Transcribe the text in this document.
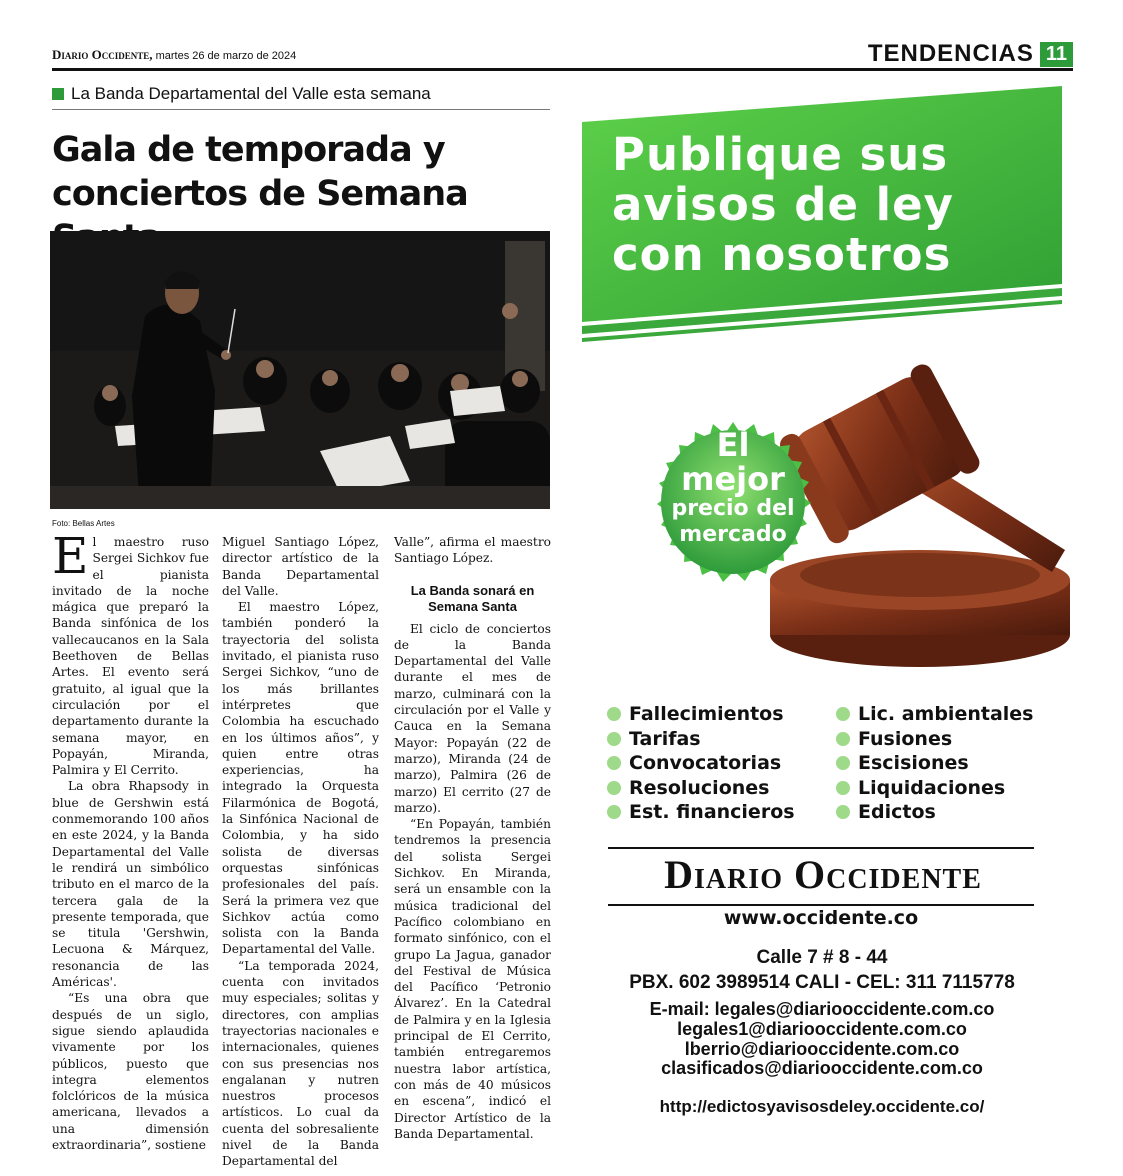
Diario Occidente, martes 26 de marzo de 2024	TENDENCIAS 11
La Banda Departamental del Valle esta semana
Gala de temporada y
conciertos de Semana
Foto: Bellas Artes
E l maestro ruso Sergei Sichkov fue el pianista invitado de la noche mágica que preparó la Banda sinfónica de los vallecaucanos en la Sala Beethoven de Bellas Artes. El evento será gratuito, al igual que la circulación por el departamento durante la semana mayor, en Popayán, Miranda, Palmira y El Cerrito.

La obra Rhapsody in blue de Gershwin está conmemorando 100 años en este 2024, y la Banda Departamental del Valle le rendirá un simbólico tributo en el marco de la tercera gala de la presente temporada, que se titula 'Gershwin, Lecuona & Márquez, resonancia de las Américas'.

“Es una obra que después de un siglo, sigue siendo aplaudida vivamente por los públicos, puesto que integra elementos folclóricos de la música americana, llevados a una dimensión extraordinaria”, sostiene

Miguel Santiago López, director artístico de la Banda Departamental del Valle.

El maestro López, también ponderó la trayectoria del solista invitado, el pianista ruso Sergei Sichkov, “uno de los más brillantes intérpretes que Colombia ha escuchado en los últimos años”, y quien entre otras experiencias, ha integrado la Orquesta Filarmónica de Bogotá, la Sinfónica Nacional de Colombia, y ha sido solista de diversas orquestas sinfónicas profesionales del país. Será la primera vez que Sichkov actúa como solista con la Banda Departamental del Valle.

“La temporada 2024, cuenta con invitados muy especiales; solitas y directores, con amplias trayectorias nacionales e internacionales, quienes con sus presencias nos engalanan y nutren nuestros procesos artísticos. Lo cual da cuenta del sobresaliente nivel de la Banda Departamental del

Valle”, afirma el maestro Santiago López.

La Banda sonará en Semana Santa

El ciclo de conciertos de la Banda Departamental del Valle durante el mes de marzo, culminará con la circulación por el Valle y Cauca en la Semana Mayor: Popayán (22 de marzo), Miranda (24 de marzo), Palmira (26 de marzo) El cerrito (27 de marzo).

“En Popayán, también tendremos la presencia del solista Sergei Sichkov. En Miranda, será un ensamble con la música tradicional del Pacífico colombiano en formato sinfónico, con el grupo La Jagua, ganador del Festival de Música del Pacífico ‘Petronio Álvarez’. En la Catedral de Palmira y en la Iglesia principal de El Cerrito, también entregaremos nuestra labor artística, con más de 40 músicos en escena”, indicó el Director Artístico de la Banda Departamental.

Publique sus
avisos de ley
con nosotros
El
mejor
precio del
mercado
Fallecimientos
Tarifas
Convocatorias
Resoluciones
Est. financieros
Lic. ambientales
Fusiones
Escisiones
Liquidaciones
Edictos
Diario Occidente
www.occidente.co
Calle 7 # 8 - 44
PBX. 602 3989514 CALI - CEL: 311 7115778
E-mail: legales@diariooccidente.com.co
legales1@diariooccidente.com.co
lberrio@diariooccidente.com.co
clasificados@diariooccidente.com.co
http://edictosyavisosdeley.occidente.co/
